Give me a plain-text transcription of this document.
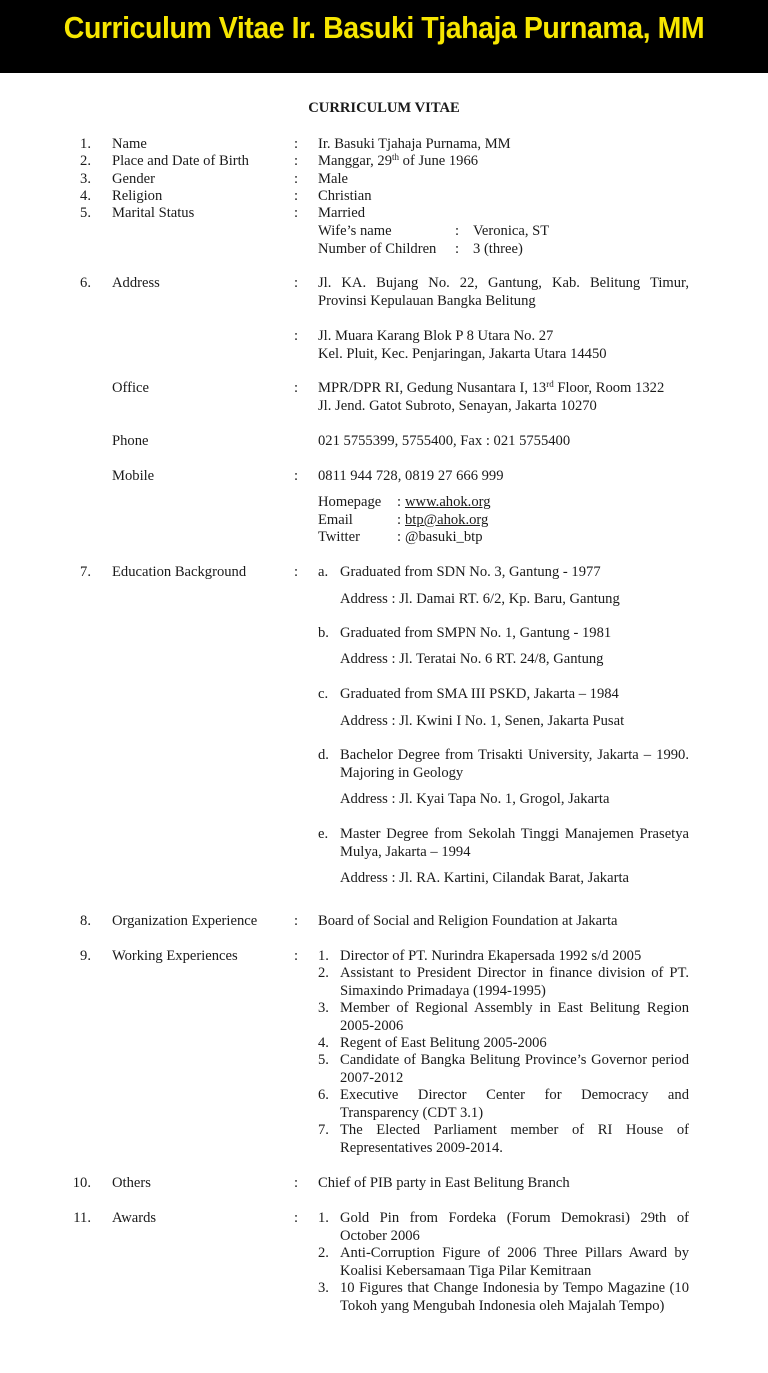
Curriculum Vitae Ir. Basuki Tjahaja Purnama, MM
CURRICULUM VITAE
1. Name	: Ir. Basuki Tjahaja Purnama, MM
2. Place and Date of Birth	: Manggar, 29th of June 1966
3. Gender	: Male
4. Religion	: Christian
5. Marital Status	: Married
Wife’s name	: Veronica, ST
Number of Children : 3 (three)
6. Address	: Jl. KA. Bujang No. 22, Gantung, Kab. Belitung Timur, Provinsi Kepulauan Bangka Belitung
: Jl. Muara Karang Blok P 8 Utara No. 27
Kel. Pluit, Kec. Penjaringan, Jakarta Utara 14450
Office	: MPR/DPR RI, Gedung Nusantara I, 13rd Floor, Room 1322
Jl. Jend. Gatot Subroto, Senayan, Jakarta 10270
Phone	021 5755399, 5755400, Fax : 021 5755400
Mobile	: 0811 944 728, 0819 27 666 999
Homepage : www.ahok.org
Email	: btp@ahok.org
Twitter	: @basuki_btp
7. Education Background	: a. Graduated from SDN No. 3, Gantung - 1977
Address : Jl. Damai RT. 6/2, Kp. Baru, Gantung
b. Graduated from SMPN No. 1, Gantung - 1981
Address : Jl. Teratai No. 6 RT. 24/8, Gantung
c. Graduated from SMA III PSKD, Jakarta – 1984
Address : Jl. Kwini I No. 1, Senen, Jakarta Pusat
d. Bachelor Degree from Trisakti University, Jakarta – 1990. Majoring in Geology
Address : Jl. Kyai Tapa No. 1, Grogol, Jakarta
e. Master Degree from Sekolah Tinggi Manajemen Prasetya Mulya, Jakarta – 1994
Address : Jl. RA. Kartini, Cilandak Barat, Jakarta
8. Organization Experience	: Board of Social and Religion Foundation at Jakarta
9. Working Experiences	: 1. Director of PT. Nurindra Ekapersada 1992 s/d 2005
2. Assistant to President Director in finance division of PT. Simaxindo Primadaya (1994-1995)
3. Member of Regional Assembly in East Belitung Region 2005-2006
4. Regent of East Belitung 2005-2006
5. Candidate of Bangka Belitung Province’s Governor period 2007-2012
6. Executive Director Center for Democracy and Transparency (CDT 3.1)
7. The Elected Parliament member of RI House of Representatives 2009-2014.
10. Others	: Chief of PIB party in East Belitung Branch
11. Awards	: 1. Gold Pin from Fordeka (Forum Demokrasi) 29th of October 2006
2. Anti-Corruption Figure of 2006 Three Pillars Award by Koalisi Kebersamaan Tiga Pilar Kemitraan
3. 10 Figures that Change Indonesia by Tempo Magazine (10 Tokoh yang Mengubah Indonesia oleh Majalah Tempo)
